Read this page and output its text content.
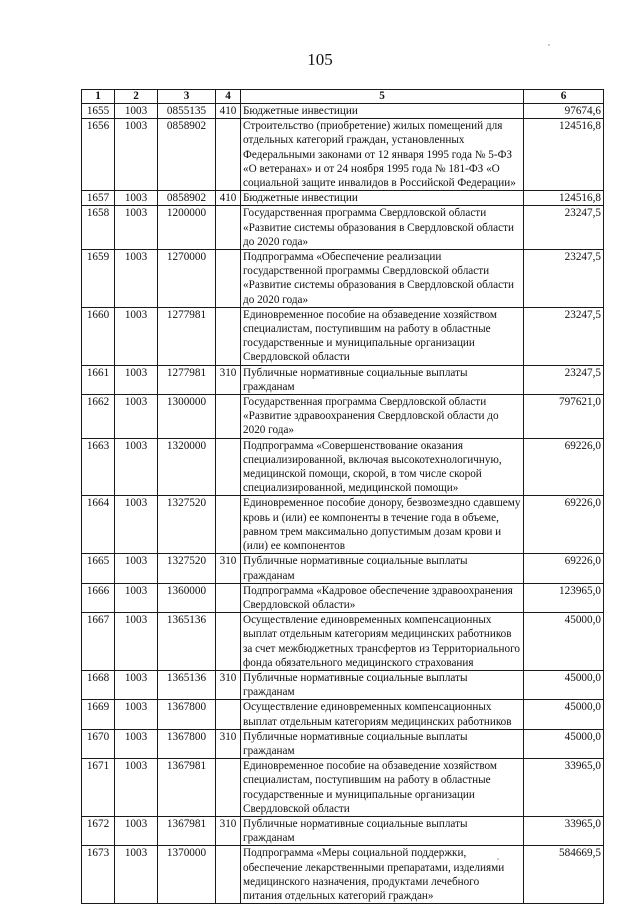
105
1	2	3	4	5	6
1655	1003	0855135	410	Бюджетные инвестиции	97674,6
1656	1003	0858902		Строительство (приобретение) жилых помещений для отдельных категорий граждан, установленных Федеральными законами от 12 января 1995 года № 5-ФЗ «О ветеранах» и от 24 ноября 1995 года № 181-ФЗ «О социальной защите инвалидов в Российской Федерации»	124516,8
1657	1003	0858902	410	Бюджетные инвестиции	124516,8
1658	1003	1200000		Государственная программа Свердловской области «Развитие системы образования в Свердловской области до 2020 года»	23247,5
1659	1003	1270000		Подпрограмма «Обеспечение реализации государственной программы Свердловской области «Развитие системы образования в Свердловской области до 2020 года»	23247,5
1660	1003	1277981		Единовременное пособие на обзаведение хозяйством специалистам, поступившим на работу в областные государственные и муниципальные организации Свердловской области	23247,5
1661	1003	1277981	310	Публичные нормативные социальные выплаты гражданам	23247,5
1662	1003	1300000		Государственная программа Свердловской области «Развитие здравоохранения Свердловской области до 2020 года»	797621,0
1663	1003	1320000		Подпрограмма «Совершенствование оказания специализированной, включая высокотехнологичную, медицинской помощи, скорой, в том числе скорой специализированной, медицинской помощи»	69226,0
1664	1003	1327520		Единовременное пособие донору, безвозмездно сдавшему кровь и (или) ее компоненты в течение года в объеме, равном трем максимально допустимым дозам крови и (или) ее компонентов	69226,0
1665	1003	1327520	310	Публичные нормативные социальные выплаты гражданам	69226,0
1666	1003	1360000		Подпрограмма «Кадровое обеспечение здравоохранения Свердловской области»	123965,0
1667	1003	1365136		Осуществление единовременных компенсационных выплат отдельным категориям медицинских работников за счет межбюджетных трансфертов из Территориального фонда обязательного медицинского страхования	45000,0
1668	1003	1365136	310	Публичные нормативные социальные выплаты гражданам	45000,0
1669	1003	1367800		Осуществление единовременных компенсационных выплат отдельным категориям медицинских работников	45000,0
1670	1003	1367800	310	Публичные нормативные социальные выплаты гражданам	45000,0
1671	1003	1367981		Единовременное пособие на обзаведение хозяйством специалистам, поступившим на работу в областные государственные и муниципальные организации Свердловской области	33965,0
1672	1003	1367981	310	Публичные нормативные социальные выплаты гражданам	33965,0
1673	1003	1370000		Подпрограмма «Меры социальной поддержки, обеспечение лекарственными препаратами, изделиями медицинского назначения, продуктами лечебного питания отдельных категорий граждан»	584669,5
